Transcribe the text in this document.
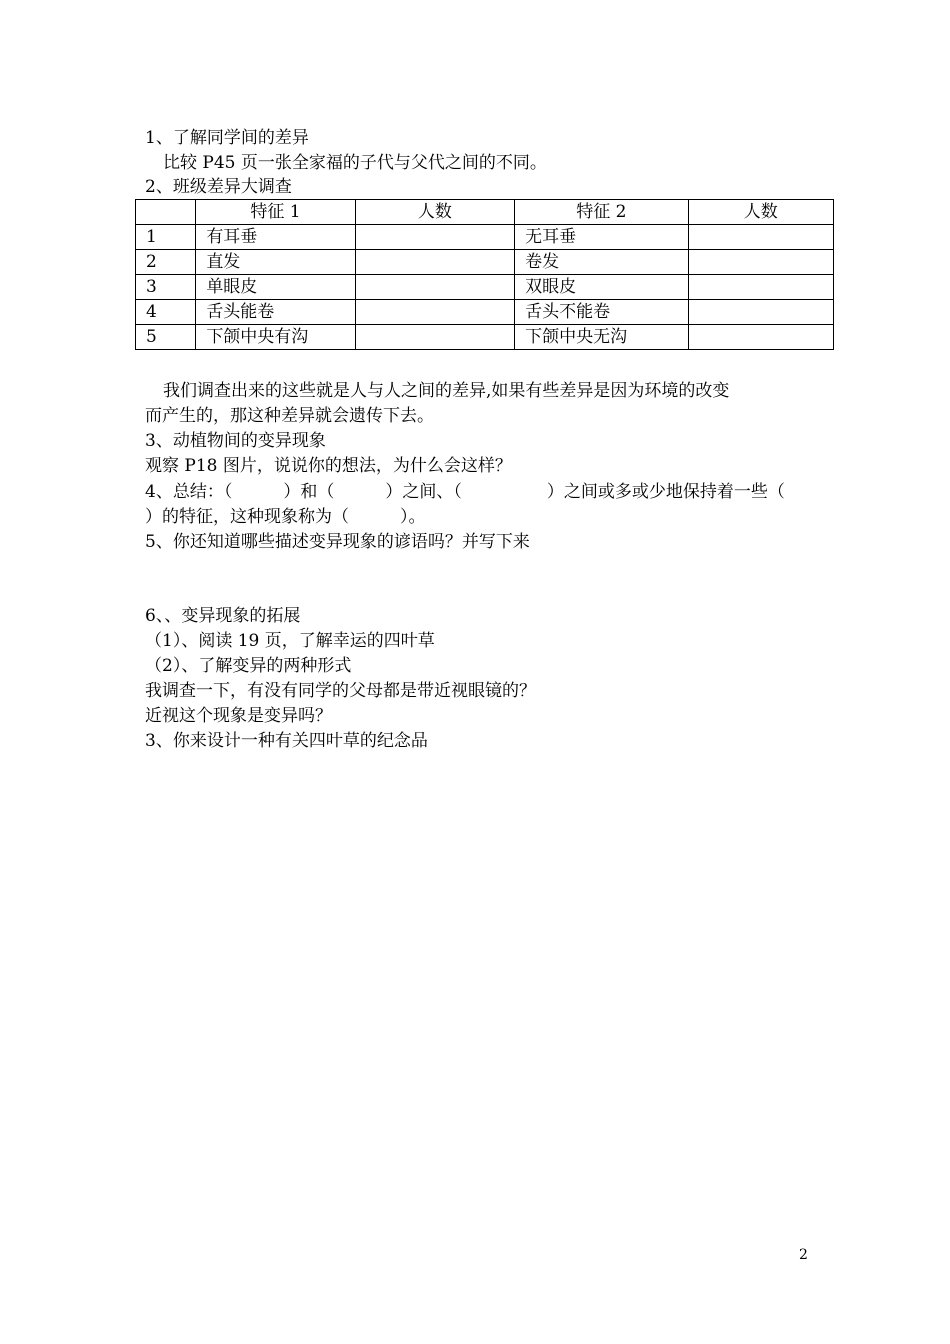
1、了解同学间的差异
比较 P45 页一张全家福的子代与父代之间的不同。
2、班级差异大调查
	特征 1	人数	特征 2	人数
1	有耳垂		无耳垂	
2	直发		卷发	
3	单眼皮		双眼皮	
4	舌头能卷		舌头不能卷	
5	下颌中央有沟		下颌中央无沟	
我们调查出来的这些就是人与人之间的差异,如果有些差异是因为环境的改变
而产生的，那这种差异就会遗传下去。
3、动植物间的变异现象
观察 P18 图片，说说你的想法，为什么会这样？
4、总结：（　　　）和（　　　）之间、（　　　　　）之间或多或少地保持着一些（
）的特征，这种现象称为（　　　）。
5、你还知道哪些描述变异现象的谚语吗？并写下来
6、、变异现象的拓展
（1）、阅读 19 页，了解幸运的四叶草
（2）、了解变异的两种形式
我调查一下，有没有同学的父母都是带近视眼镜的？
近视这个现象是变异吗？
3、你来设计一种有关四叶草的纪念品
2
